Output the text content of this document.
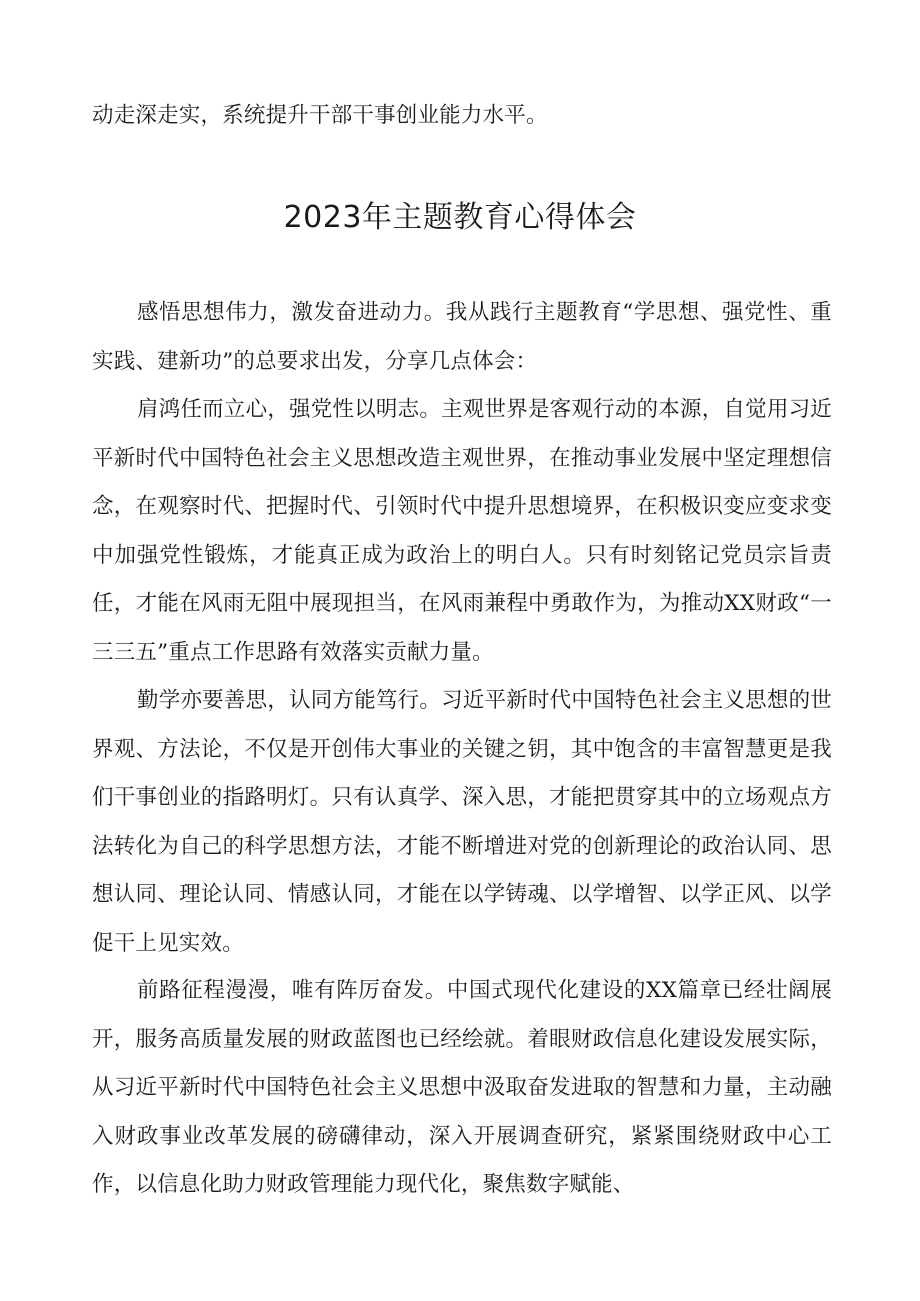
动走深走实，系统提升干部干事创业能力水平。

2023年主题教育心得体会

感悟思想伟力，激发奋进动力。我从践行主题教育“学思想、强党性、重实践、建新功”的总要求出发，分享几点体会：

肩鸿任而立心，强党性以明志。主观世界是客观行动的本源，自觉用习近平新时代中国特色社会主义思想改造主观世界，在推动事业发展中坚定理想信念，在观察时代、把握时代、引领时代中提升思想境界，在积极识变应变求变中加强党性锻炼，才能真正成为政治上的明白人。只有时刻铭记党员宗旨责任，才能在风雨无阻中展现担当，在风雨兼程中勇敢作为，为推动XX财政“一三三五”重点工作思路有效落实贡献力量。

勤学亦要善思，认同方能笃行。习近平新时代中国特色社会主义思想的世界观、方法论，不仅是开创伟大事业的关键之钥，其中饱含的丰富智慧更是我们干事创业的指路明灯。只有认真学、深入思，才能把贯穿其中的立场观点方法转化为自己的科学思想方法，才能不断增进对党的创新理论的政治认同、思想认同、理论认同、情感认同，才能在以学铸魂、以学增智、以学正风、以学促干上见实效。

前路征程漫漫，唯有阵厉奋发。中国式现代化建设的XX篇章已经壮阔展开，服务高质量发展的财政蓝图也已经绘就。着眼财政信息化建设发展实际，从习近平新时代中国特色社会主义思想中汲取奋发进取的智慧和力量，主动融入财政事业改革发展的磅礴律动，深入开展调查研究，紧紧围绕财政中心工作，以信息化助力财政管理能力现代化，聚焦数字赋能、
